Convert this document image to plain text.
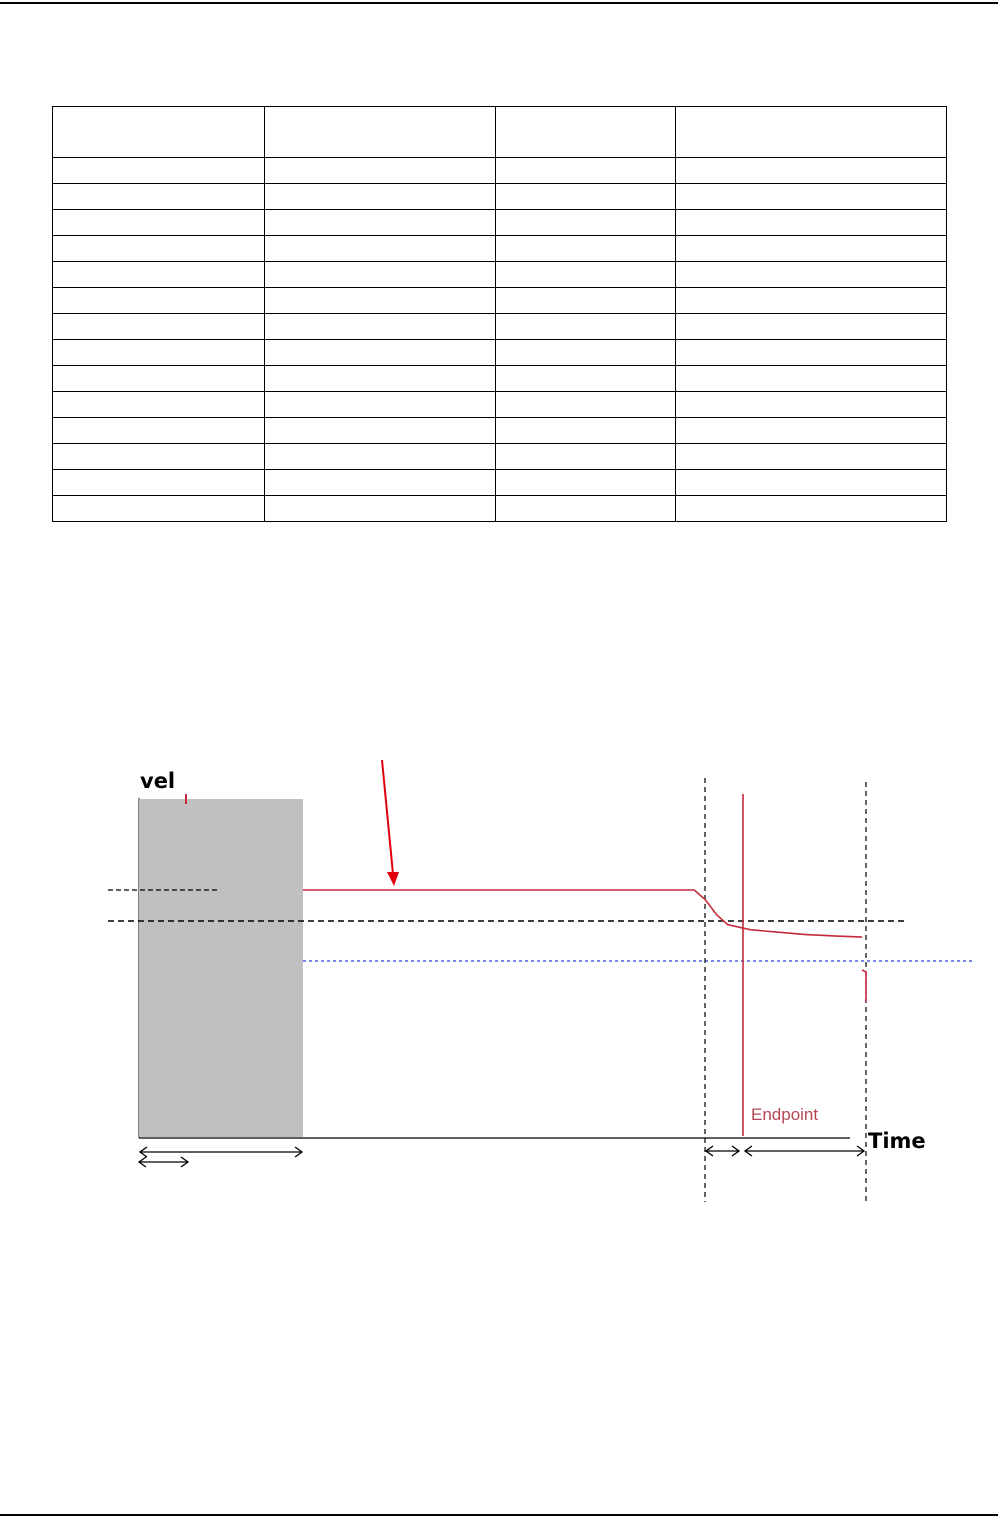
vel
Time
Endpoint
